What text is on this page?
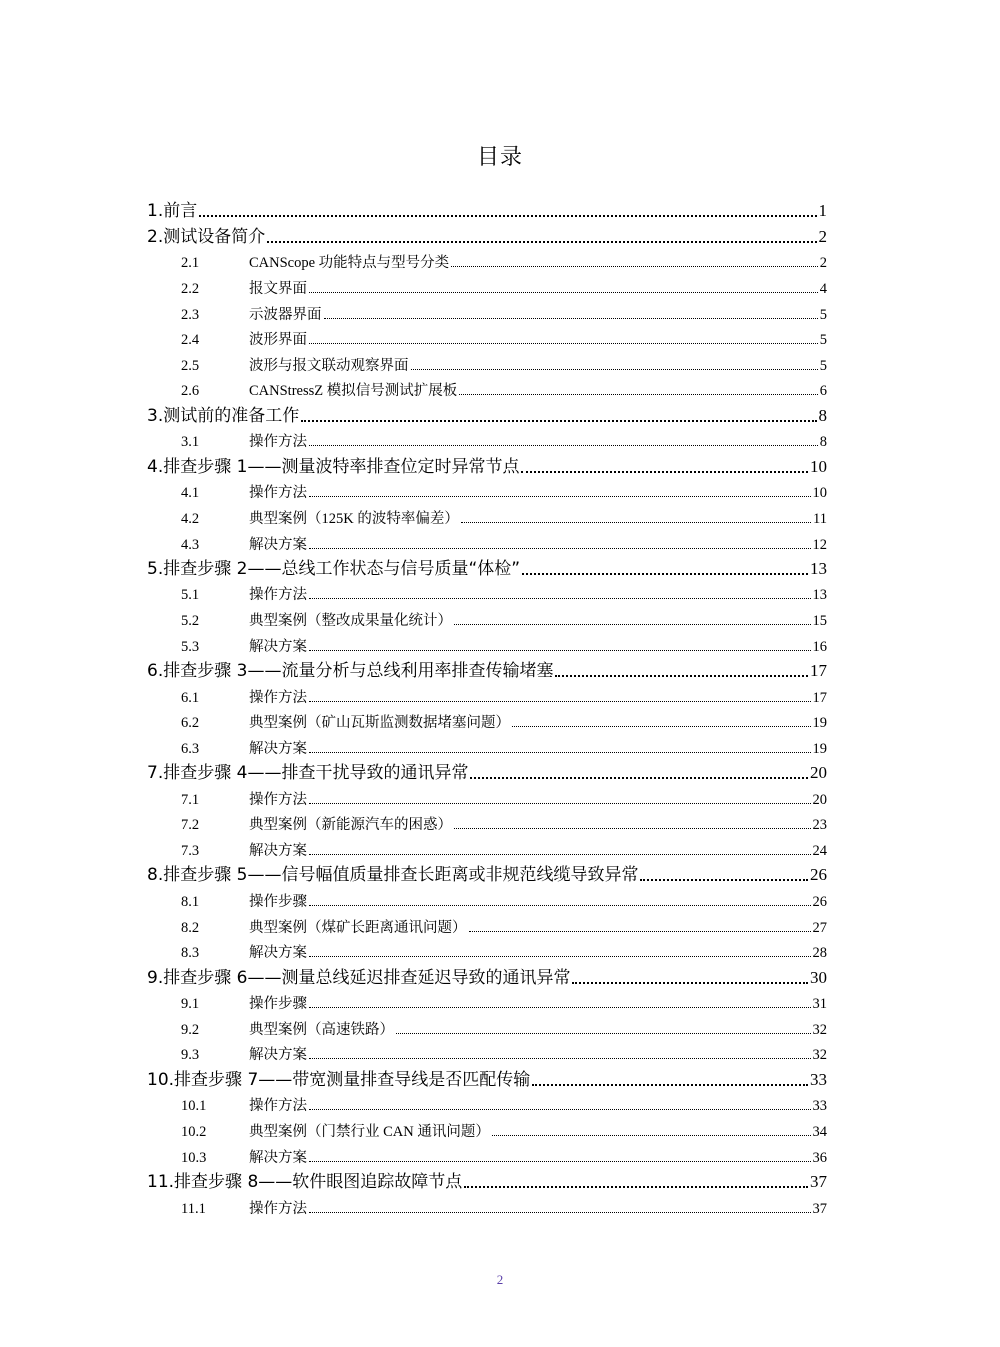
目录
1.前言	1
2.测试设备简介	2
2.1	CANScope 功能特点与型号分类	2
2.2	报文界面	4
2.3	示波器界面	5
2.4	波形界面	5
2.5	波形与报文联动观察界面	5
2.6	CANStressZ 模拟信号测试扩展板	6
3.测试前的准备工作	8
3.1	操作方法	8
4.排查步骤 1——测量波特率排查位定时异常节点	10
4.1	操作方法	10
4.2	典型案例（125K 的波特率偏差）	11
4.3	解决方案	12
5.排查步骤 2——总线工作状态与信号质量“体检”	13
5.1	操作方法	13
5.2	典型案例（整改成果量化统计）	15
5.3	解决方案	16
6.排查步骤 3——流量分析与总线利用率排查传输堵塞	17
6.1	操作方法	17
6.2	典型案例（矿山瓦斯监测数据堵塞问题）	19
6.3	解决方案	19
7.排查步骤 4——排查干扰导致的通讯异常	20
7.1	操作方法	20
7.2	典型案例（新能源汽车的困惑）	23
7.3	解决方案	24
8.排查步骤 5——信号幅值质量排查长距离或非规范线缆导致异常	26
8.1	操作步骤	26
8.2	典型案例（煤矿长距离通讯问题）	27
8.3	解决方案	28
9.排查步骤 6——测量总线延迟排查延迟导致的通讯异常	30
9.1	操作步骤	31
9.2	典型案例（高速铁路）	32
9.3	解决方案	32
10.排查步骤 7——带宽测量排查导线是否匹配传输	33
10.1	操作方法	33
10.2	典型案例（门禁行业 CAN 通讯问题）	34
10.3	解决方案	36
11.排查步骤 8——软件眼图追踪故障节点	37
11.1	操作方法	37
2
